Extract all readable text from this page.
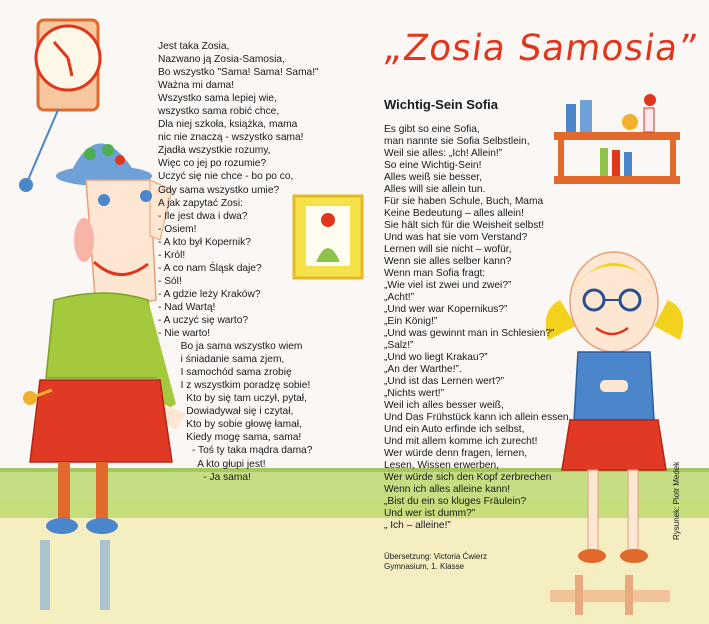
Jest taka Zosia,
Nazwano ją Zosia-Samosia,
Bo wszystko "Sama! Sama! Sama!"
Ważna mi dama!
Wszystko sama lepiej wie,
wszystko sama robić chce,
Dla niej szkoła, książka, mama
nic nie znaczą - wszystko sama!
Zjadła wszystkie rozumy,
Więc co jej po rozumie?
Uczyć się nie chce - bo po co,
Gdy sama wszystko umie?
A jak zapytać Zosi:
- Ile jest dwa i dwa?
- Osiem!
- A kto był Kopernik?
- Król!
- A co nam Śląsk daje?
- Sól!
- A gdzie leży Kraków?
- Nad Wartą!
- A uczyć się warto?
- Nie warto!
Bo ja sama wszystko wiem
i śniadanie sama zjem,
I samochód sama zrobię
I z wszystkim poradzę sobie!
Kto by się tam uczył, pytał,
Dowiadywał się i czytał,
Kto by sobie głowę łamał,
Kiedy mogę sama, sama!
- Toś ty taka mądra dama?
A kto głupi jest!
- Ja sama!
„Zosia Samosia”
Wichtig-Sein Sofia
Es gibt so eine Sofia,
man nannte sie Sofia Selbstlein,
Weil sie alles: „Ich! Allein!”
So eine Wichtig-Sein!
Alles weiß sie besser,
Alles will sie allein tun.
Für sie haben Schule, Buch, Mama
Keine Bedeutung – alles allein!
Sie hält sich für die Weisheit selbst!
Und was hat sie vom Verstand?
Lernen will sie nicht – wofür,
Wenn sie alles selber kann?
Wenn man Sofia fragt:
„Wie viel ist zwei und zwei?”
„Acht!”
„Und wer war Kopernikus?”
„Ein König!”
„Und was gewinnt man in Schlesien?”
„Salz!”
„Und wo liegt Krakau?”
„An der Warthe!”.
„Und ist das Lernen wert?”
„Nichts wert!”
Weil ich alles besser weiß,
Und Das Frühstück kann ich allein essen.
Und ein Auto erfinde ich selbst,
Und mit allem komme ich zurecht!
Wer würde denn fragen, lernen,
Lesen, Wissen erwerben,
Wer würde sich den Kopf zerbrechen
Wenn ich alles alleine kann!
„Bist du ein so kluges Fräulein?
Und wer ist dumm?”
„ Ich – alleine!”
Übersetzung: Victoria Ćwierz
Gymnasium, 1. Klasse
Rysunek: Piotr Medek
